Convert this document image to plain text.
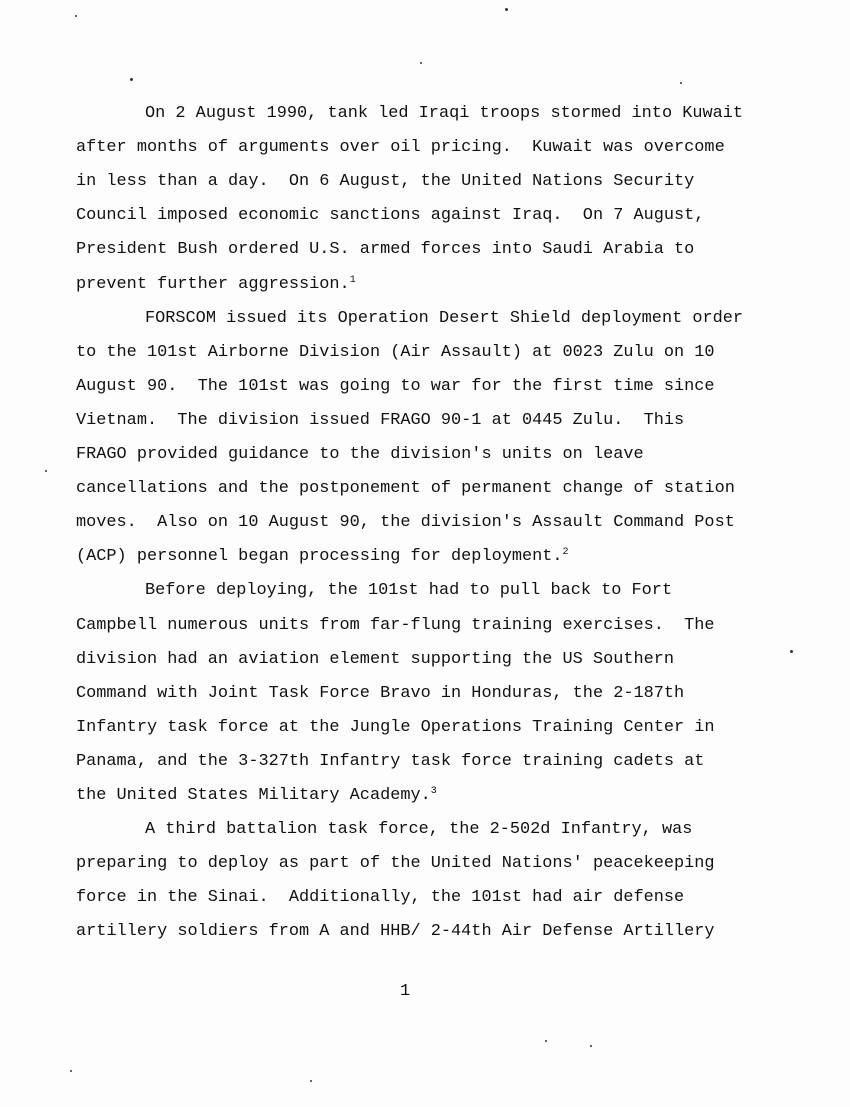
1
On 2 August 1990, tank led Iraqi troops stormed into Kuwait
after months of arguments over oil pricing.  Kuwait was overcome
in less than a day.  On 6 August, the United Nations Security
Council imposed economic sanctions against Iraq.  On 7 August,
President Bush ordered U.S. armed forces into Saudi Arabia to
prevent further aggression.$^1$
FORSCOM issued its Operation Desert Shield deployment order
to the 101st Airborne Division (Air Assault) at 0023 Zulu on 10
August 90.  The 101st was going to war for the first time since
Vietnam.  The division issued FRAGO 90-1 at 0445 Zulu.  This
FRAGO provided guidance to the division's units on leave
cancellations and the postponement of permanent change of station
moves.  Also on 10 August 90, the division's Assault Command Post
(ACP) personnel began processing for deployment.$^2$
Before deploying, the 101st had to pull back to Fort
Campbell numerous units from far-flung training exercises.  The
division had an aviation element supporting the US Southern
Command with Joint Task Force Bravo in Honduras, the 2-187th
Infantry task force at the Jungle Operations Training Center in
Panama, and the 3-327th Infantry task force training cadets at
the United States Military Academy.$^3$
A third battalion task force, the 2-502d Infantry, was
preparing to deploy as part of the United Nations' peacekeeping
force in the Sinai.  Additionally, the 101st had air defense
artillery soldiers from A and HHB/ 2-44th Air Defense Artillery
